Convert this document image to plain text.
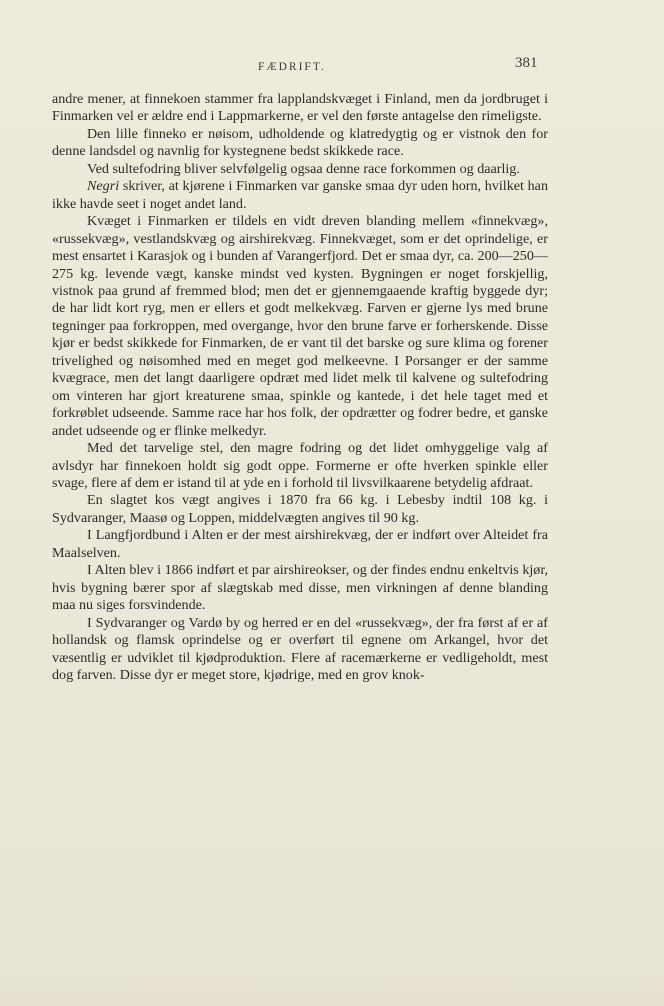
FÆDRIFT.	381

andre mener, at finnekoen stammer fra lapplandskvæget i Finland, men da jordbruget i Finmarken vel er ældre end i Lappmarkerne, er vel den første antagelse den rimeligste.

Den lille finneko er nøisom, udholdende og klatredygtig og er vistnok den for denne landsdel og navnlig for kystegnene bedst skikkede race.

Ved sultefodring bliver selvfølgelig ogsaa denne race forkommen og daarlig.

Negri skriver, at kjørene i Finmarken var ganske smaa dyr uden horn, hvilket han ikke havde seet i noget andet land.

Kvæget i Finmarken er tildels en vidt dreven blanding mellem «finnekvæg», «russekvæg», vestlandskvæg og airshirekvæg. Finnekvæget, som er det oprindelige, er mest ensartet i Karasjok og i bunden af Varangerfjord. Det er smaa dyr, ca. 200—250—275 kg. levende vægt, kanske mindst ved kysten. Bygningen er noget forskjellig, vistnok paa grund af fremmed blod; men det er gjennemgaaende kraftig byggede dyr; de har lidt kort ryg, men er ellers et godt melkekvæg. Farven er gjerne lys med brune tegninger paa forkroppen, med overgange, hvor den brune farve er forherskende. Disse kjør er bedst skikkede for Finmarken, de er vant til det barske og sure klima og forener trivelighed og nøisomhed med en meget god melkeevne. I Porsanger er der samme kvægrace, men det langt daarligere opdræt med lidet melk til kalvene og sultefodring om vinteren har gjort kreaturene smaa, spinkle og kantede, i det hele taget med et forkrøblet udseende. Samme race har hos folk, der opdrætter og fodrer bedre, et ganske andet udseende og er flinke melkedyr.

Med det tarvelige stel, den magre fodring og det lidet omhyggelige valg af avlsdyr har finnekoen holdt sig godt oppe. Formerne er ofte hverken spinkle eller svage, flere af dem er istand til at yde en i forhold til livsvilkaarene betydelig afdraat.

En slagtet kos vægt angives i 1870 fra 66 kg. i Lebesby indtil 108 kg. i Sydvaranger, Maasø og Loppen, middelvægten angives til 90 kg.

I Langfjordbund i Alten er der mest airshirekvæg, der er indført over Alteidet fra Maalselven.

I Alten blev i 1866 indført et par airshireokser, og der findes endnu enkeltvis kjør, hvis bygning bærer spor af slægtskab med disse, men virkningen af denne blanding maa nu siges forsvindende.

I Sydvaranger og Vardø by og herred er en del «russekvæg», der fra først af er af hollandsk og flamsk oprindelse og er overført til egnene om Arkangel, hvor det væsentlig er udviklet til kjødproduktion. Flere af racemærkerne er vedligeholdt, mest dog farven. Disse dyr er meget store, kjødrige, med en grov knok-
